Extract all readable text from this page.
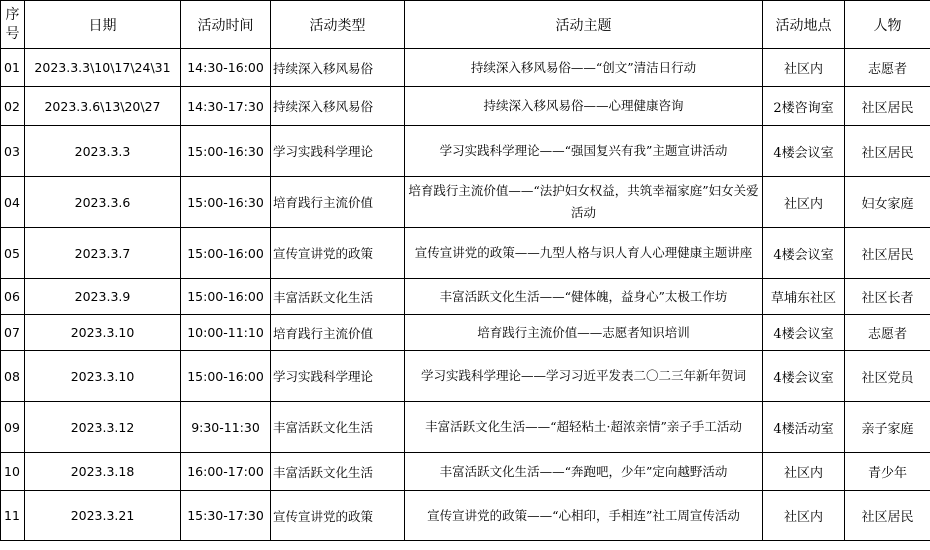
序
号	日期	活动时间	活动类型	活动主题	活动地点	人物
01	2023.3.3\10\17\24\31	14:30-16:00	持续深入移风易俗	持续深入移风易俗——“创文”清洁日行动	社区内	志愿者
02	2023.3.6\13\20\27	14:30-17:30	持续深入移风易俗	持续深入移风易俗——心理健康咨询	2楼咨询室	社区居民
03	2023.3.3	15:00-16:30	学习实践科学理论	学习实践科学理论——“强国复兴有我”主题宣讲活动	4楼会议室	社区居民
04	2023.3.6	15:00-16:30	培育践行主流价值	培育践行主流价值——“法护妇女权益，共筑幸福家庭”妇女关爱活动	社区内	妇女家庭
05	2023.3.7	15:00-16:00	宣传宣讲党的政策	宣传宣讲党的政策——九型人格与识人育人心理健康主题讲座	4楼会议室	社区居民
06	2023.3.9	15:00-16:00	丰富活跃文化生活	丰富活跃文化生活——“健体魄，益身心”太极工作坊	草埔东社区	社区长者
07	2023.3.10	10:00-11:10	培育践行主流价值	培育践行主流价值——志愿者知识培训	4楼会议室	志愿者
08	2023.3.10	15:00-16:00	学习实践科学理论	学习实践科学理论——学习习近平发表二〇二三年新年贺词	4楼会议室	社区党员
09	2023.3.12	9:30-11:30	丰富活跃文化生活	丰富活跃文化生活——“超轻粘土·超浓亲情”亲子手工活动	4楼活动室	亲子家庭
10	2023.3.18	16:00-17:00	丰富活跃文化生活	丰富活跃文化生活——“奔跑吧，少年”定向越野活动	社区内	青少年
11	2023.3.21	15:30-17:30	宣传宣讲党的政策	宣传宣讲党的政策——“心相印，手相连”社工周宣传活动	社区内	社区居民
